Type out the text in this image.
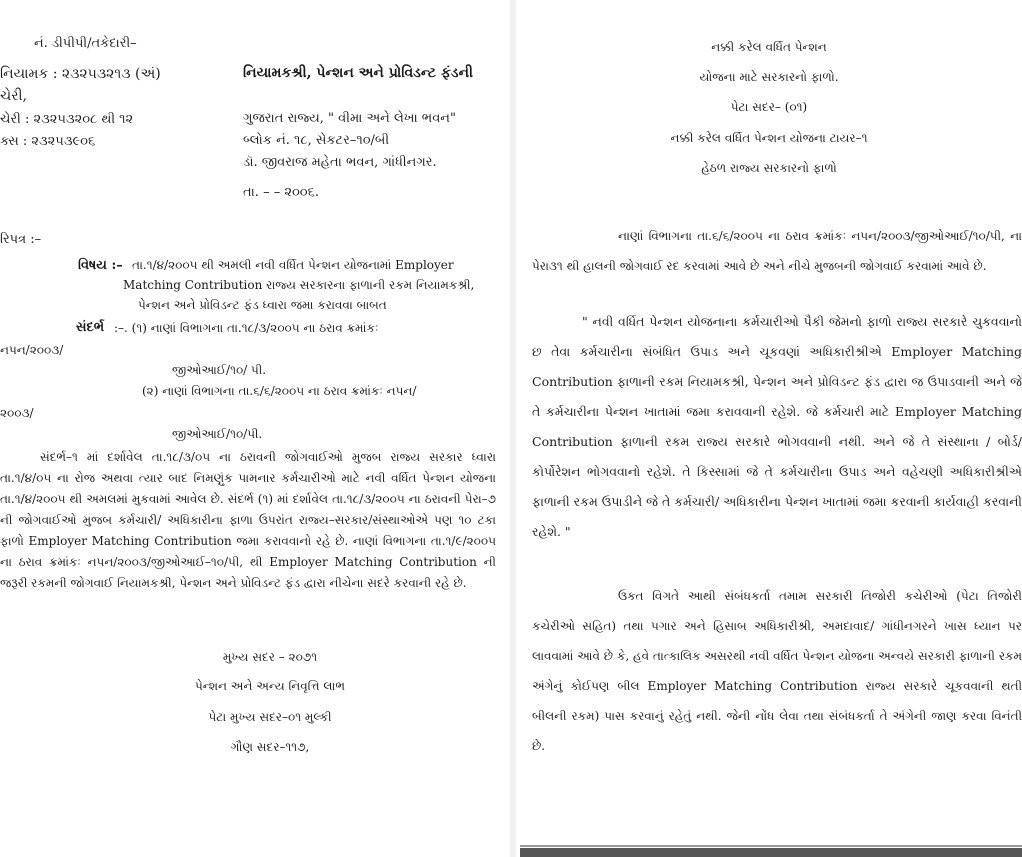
નં. ડીપીપી/તકેદારી–
નિયામક : ૨૩૨૫૩૨૧૩ (અં)
ચેરી,
ચેરી : ૨૩૨૫૩૨૦૮ થી ૧૨
ક્સ : ૨૩૨૫૩૯૦૬
નિયામકશ્રી, પેન્શન અને પ્રોવિડન્ટ ફંડની
ગુજરાત રાજ્ય, " વીમા અને લેખા ભવન"
બ્લોક નં. ૧૮, સેકટર–૧૦/બી
ડૉ. જીવરાજ મહેતા ભવન, ગાંધીનગર.
તા. – – ૨૦૦૬.
રિપત્ર :–
વિષય :– તા.૧/૪/૨૦૦૫ થી અમલી નવી વર્ધિત પેન્શન યોજનામાં Employer
Matching Contribution રાજ્ય સરકારના ફાળાની રકમ નિયામકશ્રી,
પેન્શન અને પ્રોવિડન્ટ ફંડ ધ્વારા જમા કરાવવા બાબત
સંદર્ભ :–. (૧) નાણાં વિભાગના તા.૧૮/૩/૨૦૦૫ ના ઠરાવ ક્રમાંકઃ
નપન/૨૦૦૩/
જીઓઆઈ/૧૦/ પી.
(૨) નાણાં વિભાગના તા.૬/૬/૨૦૦૫ ના ઠરાવ ક્રમાંકઃ નપન/
૨૦૦૩/
જીઓઆઈ/૧૦/પી.
સંદર્ભ–૧ માં દર્શાવેલ તા.૧૮/૩/૦૫ ના ઠરાવની જોગવાઈઓ મુજબ રાજ્ય સરકાર ધ્વારા તા.૧/૪/૦૫ ના રોજ અથવા ત્યાર બાદ નિમણુંક પામનાર કર્મચારીઓ માટે નવી વર્ધિત પેન્શન યોજના તા.૧/૪/૨૦૦૫ થી અમલમાં મુકવામાં આવેલ છે. સંદર્ભ (૧) માં દર્શાવેલ તા.૧૮/૩/૨૦૦૫ ના ઠરાવની પેરા–૭ ની જોગવાઈઓ મુજબ કર્મચારી/ અધિકારીના ફાળા ઉપરાંત રાજ્ય–સરકાર/સંસ્થાઓએ પણ ૧૦ ટકા ફાળો Employer Matching Contribution જમા કરાવવાનો રહે છે. નાણાં વિભાગના તા.૧/૯/૨૦૦૫ ના ઠરાવ ક્રમાંકઃ નપન/૨૦૦૩/જીઓઆઈ–૧૦/પી, થી Employer Matching Contribution ની જરૂરી રકમની જોગવાઈ નિયામકશ્રી, પેન્શન અને પ્રોવિડન્ટ ફંડ દ્વારા નીચેના સદરે કરવાની રહે છે.
મુખ્ય સદર – ૨૦૭૧
પેન્શન અને અન્ય નિવૃત્તિ લાભ
પેટા મુખ્ય સદર–૦૧ મુલ્કી
ગૌણ સદર–૧૧૭,
નક્કી કરેલ વર્ધિત પેન્શન
યોજના માટે સરકારનો ફાળો.
પેટા સદર– (૦૧)
નક્કી કરેલ વર્ધિત પેન્શન યોજના ટાયર–૧
હેઠળ રાજ્ય સરકારનો ફાળો
નાણાં વિભાગના તા.૬/૬/૨૦૦૫ ના ઠરાવ ક્રમાંકઃ નપન/૨૦૦૩/જીઓઆઈ/૧૦/પી, ના પેરા૩૧ થી હાલની જોગવાઈ રદ કરવામાં આવે છે અને નીચે મુજબની જોગવાઈ કરવામાં આવે છે.
" નવી વર્ધિત પેન્શન યોજનાના કર્મચારીઓ પૈકી જેમનો ફાળો રાજ્ય સરકારે ચુકવવાનો છ તેવા કર્મચારીના સંબંધિત ઉપાડ અને ચૂકવણાં અધિકારીશ્રીએ Employer Matching Contribution ફાળાની રકમ નિયામકશ્રી, પેન્શન અને પ્રોવિડન્ટ ફંડ દ્વારા જ ઉપાડવાની અને જે તે કર્મચારીના પેન્શન ખાતામાં જમા કરાવવાની રહેશે. જે કર્મચારી માટે Employer Matching Contribution ફાળાની રકમ રાજ્ય સરકારે ભોગવવાની નથી. અને જે તે સંસ્થાના / બોર્ડ/ કોર્પોરેશન ભોગવવાનો રહેશે. તે કિસ્સામાં જે તે કર્મચારીના ઉપાડ અને વહેચણી અધિકારીશ્રીએ ફાળાની રકમ ઉપાડીને જે તે કર્મચારી/ અધિકારીના પેન્શન ખાતામાં જમા કરવાની કાર્યવાહી કરવાની રહેશે. "
ઉકત વિગતે આથી સંબંધકર્તા તમામ સરકારી તિજોરી કચેરીઓ (પેટા તિજોરી કચેરીઓ સહિત) તથા પગાર અને હિસાબ અધિકારીશ્રી, અમદાવાદ/ ગાંધીનગરને ખાસ ધ્યાન પર લાવવામાં આવે છે કે, હવે તાત્કાલિક અસરથી નવી વર્ધિત પેન્શન યોજના અન્વયે સરકારી ફાળાની રકમ અંગેનું કોઈપણ બીલ Employer Matching Contribution રાજ્ય સરકારે ચૂકવવાની થતી બીલની રકમ) પાસ કરવાનું રહેતું નથી. જેની નોંધ લેવા તથા સંબંધકર્તા તે અંગેની જાણ કરવા વિનંતી છે.
